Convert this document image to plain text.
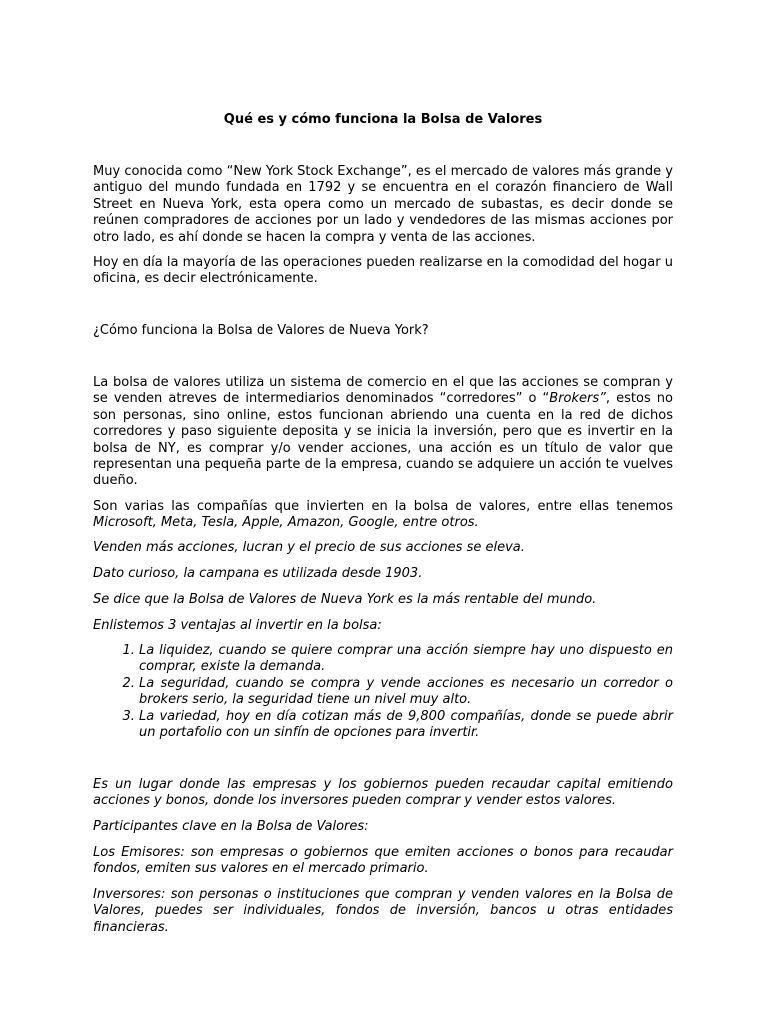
Qué es y cómo funciona la Bolsa de Valores

Muy conocida como “New York Stock Exchange”, es el mercado de valores más grande y antiguo del mundo fundada en 1792 y se encuentra en el corazón financiero de Wall Street en Nueva York, esta opera como un mercado de subastas, es decir donde se reúnen compradores de acciones por un lado y vendedores de las mismas acciones por otro lado, es ahí donde se hacen la compra y venta de las acciones.

Hoy en día la mayoría de las operaciones pueden realizarse en la comodidad del hogar u oficina, es decir electrónicamente.

¿Cómo funciona la Bolsa de Valores de Nueva York?

La bolsa de valores utiliza un sistema de comercio en el que las acciones se compran y se venden atreves de intermediarios denominados “corredores” o “Brokers”, estos no son personas, sino online, estos funcionan abriendo una cuenta en la red de dichos corredores y paso siguiente deposita y se inicia la inversión, pero que es invertir en la bolsa de NY, es comprar y/o vender acciones, una acción es un título de valor que representan una pequeña parte de la empresa, cuando se adquiere un acción te vuelves dueño.

Son varias las compañías que invierten en la bolsa de valores, entre ellas tenemos Microsoft, Meta, Tesla, Apple, Amazon, Google, entre otros.

Venden más acciones, lucran y el precio de sus acciones se eleva.

Dato curioso, la campana es utilizada desde 1903.

Se dice que la Bolsa de Valores de Nueva York es la más rentable del mundo.

Enlistemos 3 ventajas al invertir en la bolsa:

1. La liquidez, cuando se quiere comprar una acción siempre hay uno dispuesto en comprar, existe la demanda.
2. La seguridad, cuando se compra y vende acciones es necesario un corredor o brokers serio, la seguridad tiene un nivel muy alto.
3. La variedad, hoy en día cotizan más de 9,800 compañías, donde se puede abrir un portafolio con un sinfín de opciones para invertir.

Es un lugar donde las empresas y los gobiernos pueden recaudar capital emitiendo acciones y bonos, donde los inversores pueden comprar y vender estos valores.

Participantes clave en la Bolsa de Valores:

Los Emisores: son empresas o gobiernos que emiten acciones o bonos para recaudar fondos, emiten sus valores en el mercado primario.

Inversores: son personas o instituciones que compran y venden valores en la Bolsa de Valores, puedes ser individuales, fondos de inversión, bancos u otras entidades financieras.
